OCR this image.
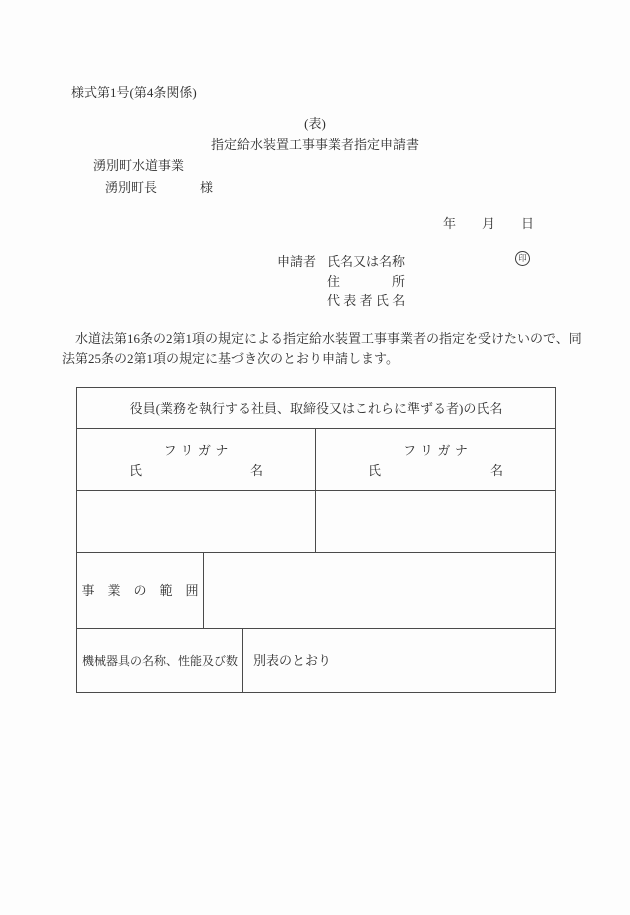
様式第1号(第4条関係)
(表)
指定給水装置工事事業者指定申請書
湧別町水道事業
湧別町長	様
年　　月　　日
申請者 氏名又は名称	印
住	所
代表者氏名
　水道法第16条の2第1項の規定による指定給水装置工事事業者の指定を受けたいので、同
法第25条の2第1項の規定に基づき次のとおり申請します。
役員(業務を執行する社員、取締役又はこれらに準ずる者)の氏名
フリガナ
氏	名
フリガナ
氏	名
事　業　の　範　囲
機械器具の名称、性能及び数 別表のとおり
